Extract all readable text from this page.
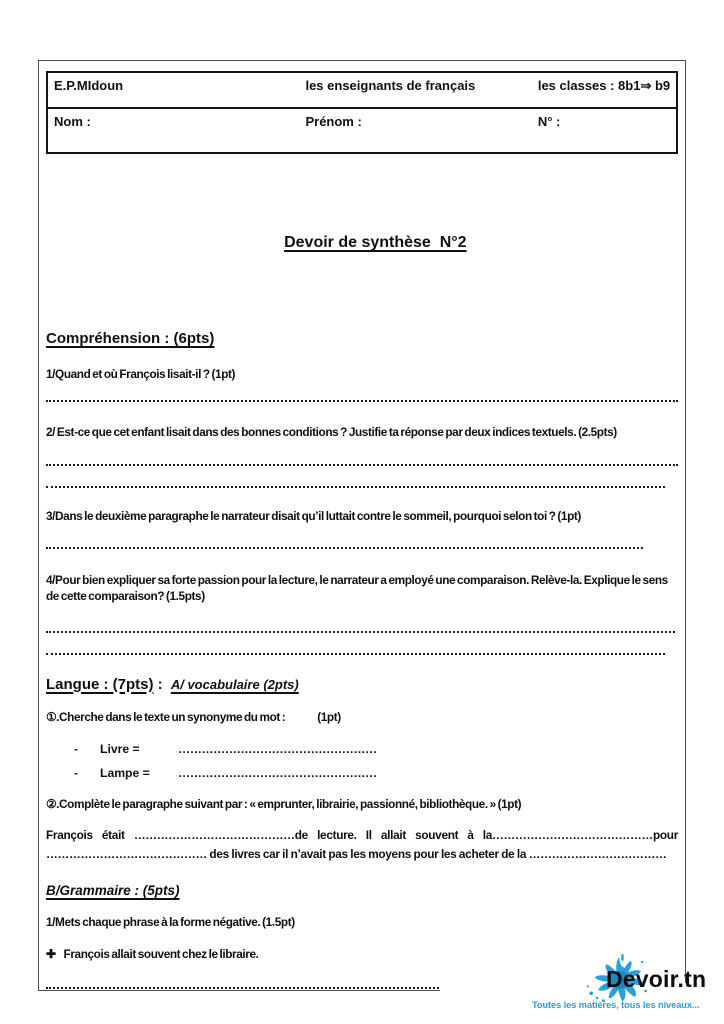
E.P.MIdoun	les enseignants de français	les classes : 8b1⇒ b9
Nom :	Prénom :	N° :

Devoir de synthèse  N°2

Compréhension : (6pts)
1/Quand et où François lisait-il ? (1pt)
2/ Est-ce que cet enfant lisait dans des bonnes conditions ? Justifie ta réponse par deux indices textuels. (2.5pts)
3/Dans le deuxième paragraphe le narrateur disait qu’il luttait contre le sommeil, pourquoi selon toi ? (1pt)
4/Pour bien expliquer sa forte passion pour la lecture, le narrateur a employé une comparaison. Relève-la. Explique le sens de cette comparaison? (1.5pts)
Langue : (7pts) : A/ vocabulaire (2pts)
①.Cherche dans le texte un synonyme du mot :	(1pt)
-	Livre =	……………………………………………
-	Lampe =	……………………………………………
②.Complète le paragraphe suivant par : « emprunter, librairie, passionné, bibliothèque. » (1pt)
François était ……………………………………de lecture. Il allait souvent à la……………………………………pour …………………………………… des livres car il n’avait pas les moyens pour les acheter de la ………………………………
B/Grammaire : (5pts)
1/Mets chaque phrase à la forme négative. (1.5pt)
✚ François allait souvent chez le libraire.
Devoir.tn
Toutes les matières, tous les niveaux...
